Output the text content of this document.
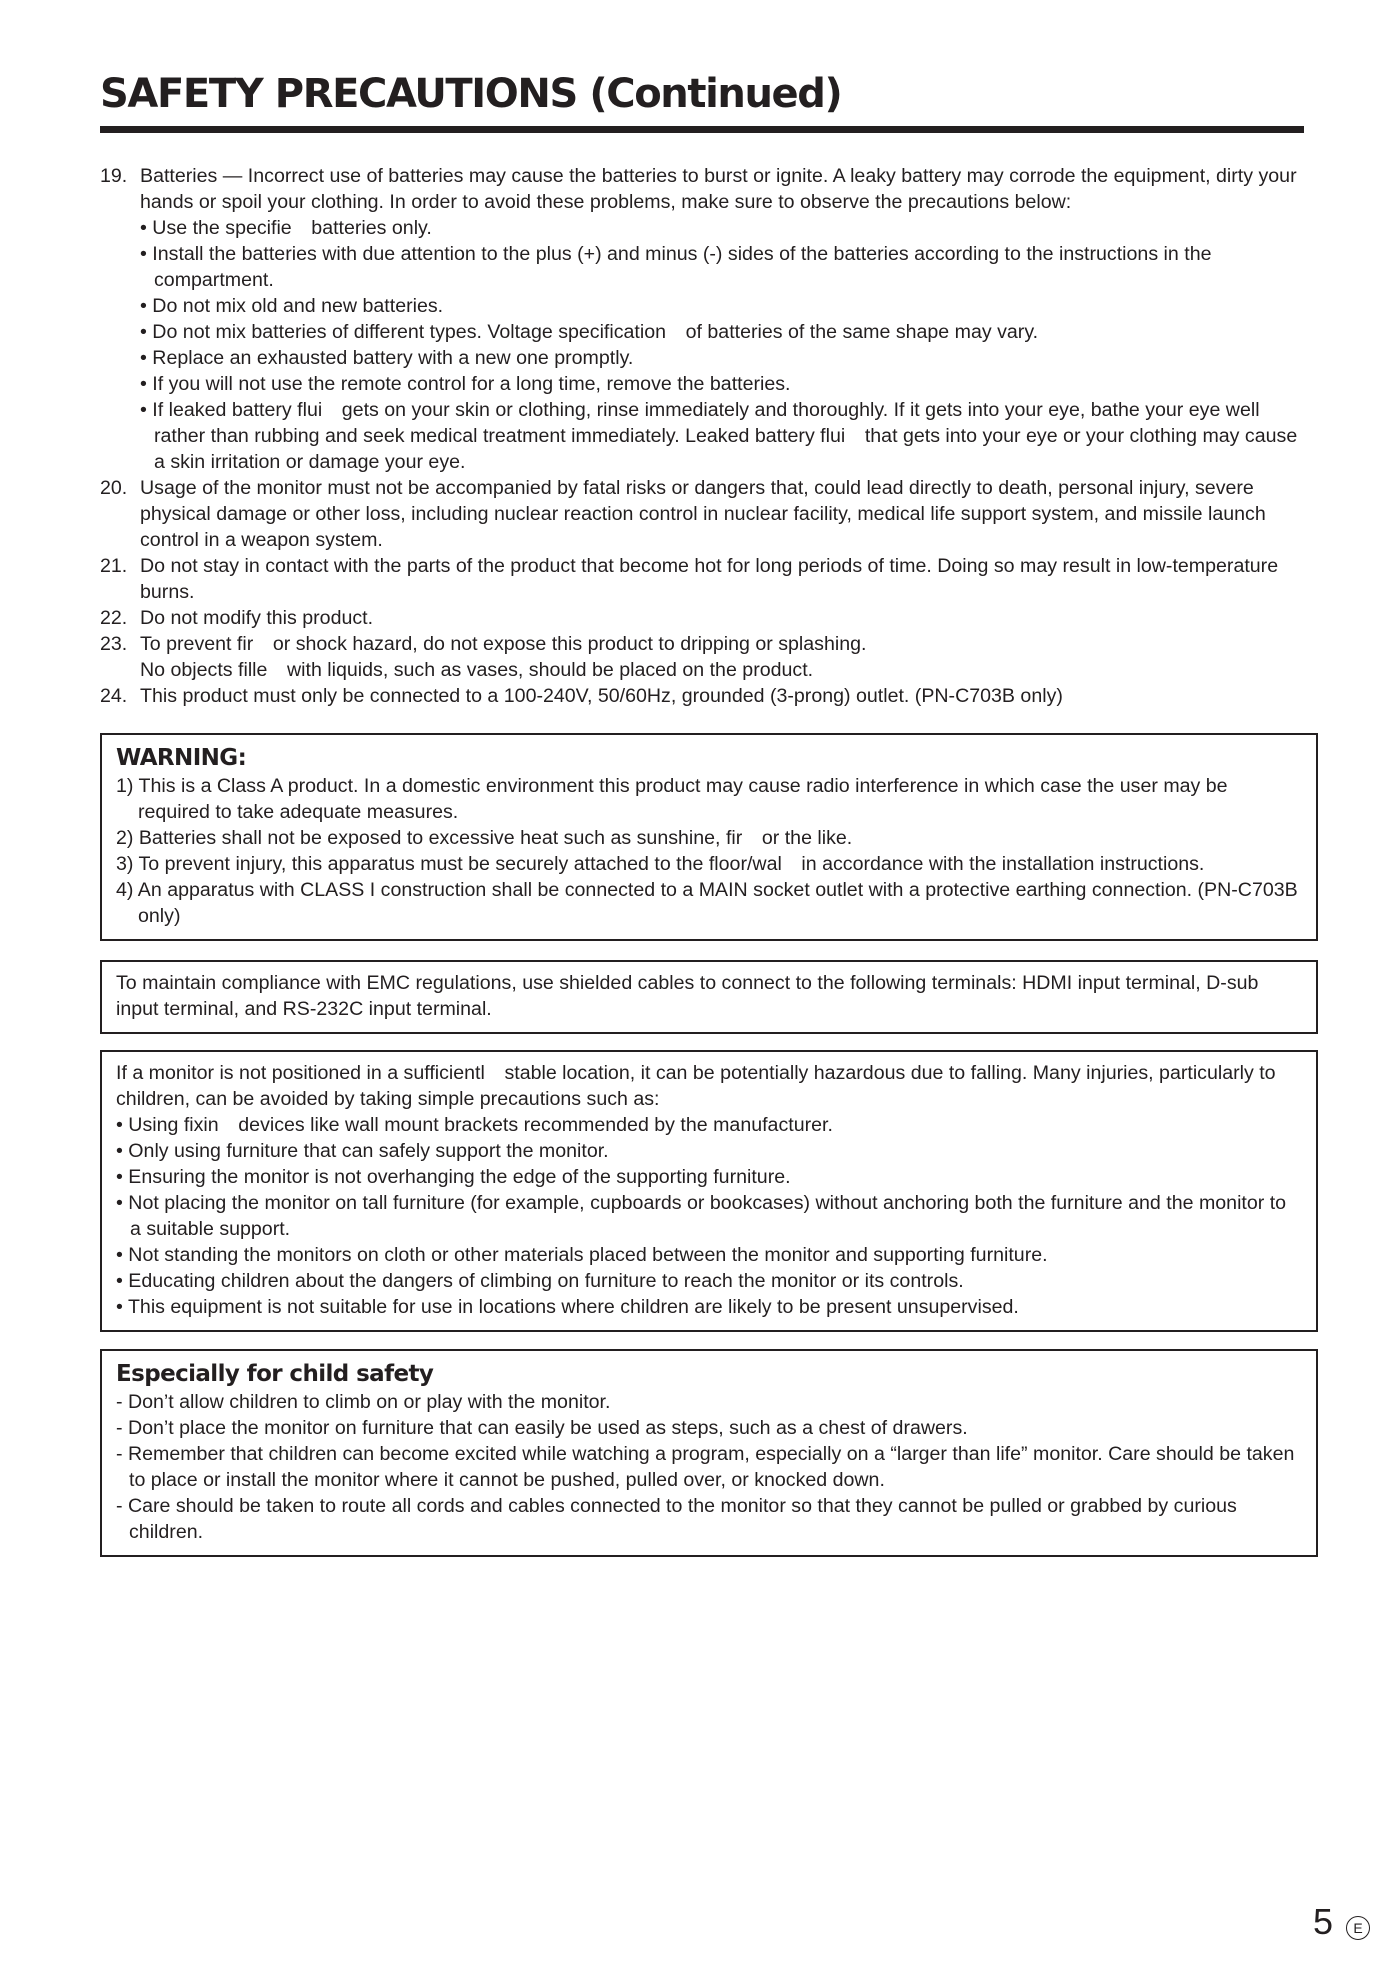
SAFETY PRECAUTIONS (Continued)
19. Batteries — Incorrect use of batteries may cause the batteries to burst or ignite. A leaky battery may corrode the equipment, dirty your hands or spoil your clothing. In order to avoid these problems, make sure to observe the precautions below:
• Use the specifie batteries only.
• Install the batteries with due attention to the plus (+) and minus (-) sides of the batteries according to the instructions in the compartment.
• Do not mix old and new batteries.
• Do not mix batteries of different types. Voltage specification of batteries of the same shape may vary.
• Replace an exhausted battery with a new one promptly.
• If you will not use the remote control for a long time, remove the batteries.
• If leaked battery flui gets on your skin or clothing, rinse immediately and thoroughly. If it gets into your eye, bathe your eye well rather than rubbing and seek medical treatment immediately. Leaked battery flui that gets into your eye or your clothing may cause a skin irritation or damage your eye.
20. Usage of the monitor must not be accompanied by fatal risks or dangers that, could lead directly to death, personal injury, severe physical damage or other loss, including nuclear reaction control in nuclear facility, medical life support system, and missile launch control in a weapon system.
21. Do not stay in contact with the parts of the product that become hot for long periods of time. Doing so may result in low-temperature burns.
22. Do not modify this product.
23. To prevent fir or shock hazard, do not expose this product to dripping or splashing.
No objects fille with liquids, such as vases, should be placed on the product.
24. This product must only be connected to a 100-240V, 50/60Hz, grounded (3-prong) outlet. (PN-C703B only)
WARNING:
1) This is a Class A product. In a domestic environment this product may cause radio interference in which case the user may be required to take adequate measures.
2) Batteries shall not be exposed to excessive heat such as sunshine, fir or the like.
3) To prevent injury, this apparatus must be securely attached to the floor/wal in accordance with the installation instructions.
4) An apparatus with CLASS I construction shall be connected to a MAIN socket outlet with a protective earthing connection. (PN-C703B only)
To maintain compliance with EMC regulations, use shielded cables to connect to the following terminals: HDMI input terminal, D-sub input terminal, and RS-232C input terminal.
If a monitor is not positioned in a sufficientl stable location, it can be potentially hazardous due to falling. Many injuries, particularly to children, can be avoided by taking simple precautions such as:
• Using fixin devices like wall mount brackets recommended by the manufacturer.
• Only using furniture that can safely support the monitor.
• Ensuring the monitor is not overhanging the edge of the supporting furniture.
• Not placing the monitor on tall furniture (for example, cupboards or bookcases) without anchoring both the furniture and the monitor to a suitable support.
• Not standing the monitors on cloth or other materials placed between the monitor and supporting furniture.
• Educating children about the dangers of climbing on furniture to reach the monitor or its controls.
• This equipment is not suitable for use in locations where children are likely to be present unsupervised.
Especially for child safety
- Don’t allow children to climb on or play with the monitor.
- Don’t place the monitor on furniture that can easily be used as steps, such as a chest of drawers.
- Remember that children can become excited while watching a program, especially on a “larger than life” monitor. Care should be taken to place or install the monitor where it cannot be pushed, pulled over, or knocked down.
- Care should be taken to route all cords and cables connected to the monitor so that they cannot be pulled or grabbed by curious children.
5	E
